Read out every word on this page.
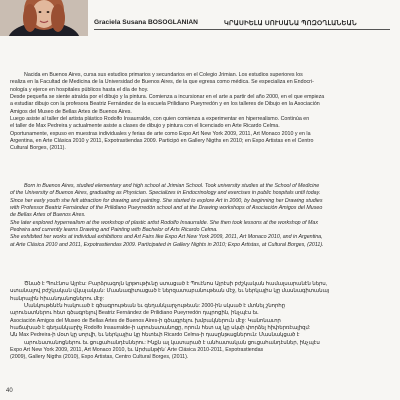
Graciela Susana BOSOGLANIAN	ԿՐԱՍԻԵԼԱ ՍՈՒՍԱՆԱ ՊՈԶՕՂԼԱՆԵԱՆ
Nacida en Buenos Aires, cursa sus estudios primarios y secundarios en el Colegio Jrimian. Los estudios superiores los
realiza en la Facultad de Medicina de la Universidad de Buenos Aires, de la que egresa como médica. Se especializa en Endocri-
nología y ejerce en hospitales públicos hasta el día de hoy.
Desde pequeña se siente atraída por el dibujo y la pintura. Comienza a incursionar en el arte a partir del año 2000, en el que empieza
a estudiar dibujo con la profesora Beatriz Fernández de la escuela Prilidiano Pueyrredón y en los talleres de Dibujo en la Asociación
Amigos del Museo de Bellas Artes de Buenos Aires.
Luego asiste al taller del artista plástico Rodolfo Insaurralde, con quien comienza a experimentar en hiperrealismo. Continúa en
el taller de Max Pedreira y actualmente asiste a clases de dibujo y pintura con el licenciado en Arte Ricardo Celma.
Oportunamente, expuso en muestras individuales y ferias de arte como Expo Art New York 2009, 2011, Art Monaco 2010 y en la
Argentina, en Arte Clásica 2010 y 2011, Expotrastiendas 2009. Participó en Gallery Nigths en 2010; en Expo Artistas en el Centro
Cultural Borges, (2011).
Born in Buenos Aires, studied elementary and high school at Jrimian School. Took university studies at the School of Medicine
of the University of Buenos Aires, graduating as Physician. Specializes in Endocrinology and exercises in public hospitals until today.
Since her early youth she felt attraction for drawing and painting. She started to explore Art in 2000, by beginning her Drawing studies
with Professor Beatriz Fernández of the Prilidiano Pueyrredón school and at the Drawing workshops of Asociación Amigos del Museo
de Bellas Artes of Buenos Aires.
She later explored hyperrealism at the workshop of plastic artist Rodolfo Insaurralde. She then took lessons at the workshop of Max
Pedreira and currently learns Drawing and Painting with Bachelor of Arts Ricardo Celma.
She exhibited her works at individual exhibitions and Art Fairs like Expo Art New York 2009, 2011, Art Monaco 2010, and in Argentina,
at Arte Clásica 2010 and 2011, Expotrastiendas 2009. Participated in Gallery Nights in 2010; Expo Artistas, at Cultural Borges, (2011).
Ծնած է Պուէնոս Այրէս: Բարձրագոյն կրթութիւնը ստացած է Պուէնոս Այրէսի բժշկական համալսարանէն ներս,
ստանալով բժշկական վկայական: Մասնագիտացած է ներզատաբանութեան մէջ, եւ ներկայիս կը մասնագիտանայ
հանրային հիւանդանոցներու մէջ:
Մանկութենէն հակուած է գծագրութեան եւ գեղանկարչութեան: 2000-ին սկսած է մտնել շնորհը
արուեստներու հետ գծագրելով Beatriz Fernández de Prilidiano Pueyrredón դպրոցին, ինչպէս եւ
Asociación Amigos del Museo de Bellas Artes de Buenos Aires-ի գծագրելու խմբակներուն մէջ: Կանոնաւոր
հաճախած է գեղանկարիչ Rodolfo Insaurralde-ի արուեստանոցը, որուն հետ ալ կը սկսի փորձել հիփերռէալիզմ:
Ան Max Pedreira-ի մօտ կը սորվի, եւ ներկայիս կը հետեւի Ricardo Celma-ի դասընթացներուն: Մասնակցած է
արուեստանոցներու եւ ցուցահանդէսներու: Ինքն ալ կատարած է անհատական ցուցահանդէսներ, ինչպէս
Expo Art New York 2009, 2011, Art Monaco 2010, եւ Արժանթին՝ Arte Clásica 2010-2011, Expotrastiendas
(2009), Gallery Nigths (2010), Expo Artistas, Centro Cultural Borges, (2011).
40
